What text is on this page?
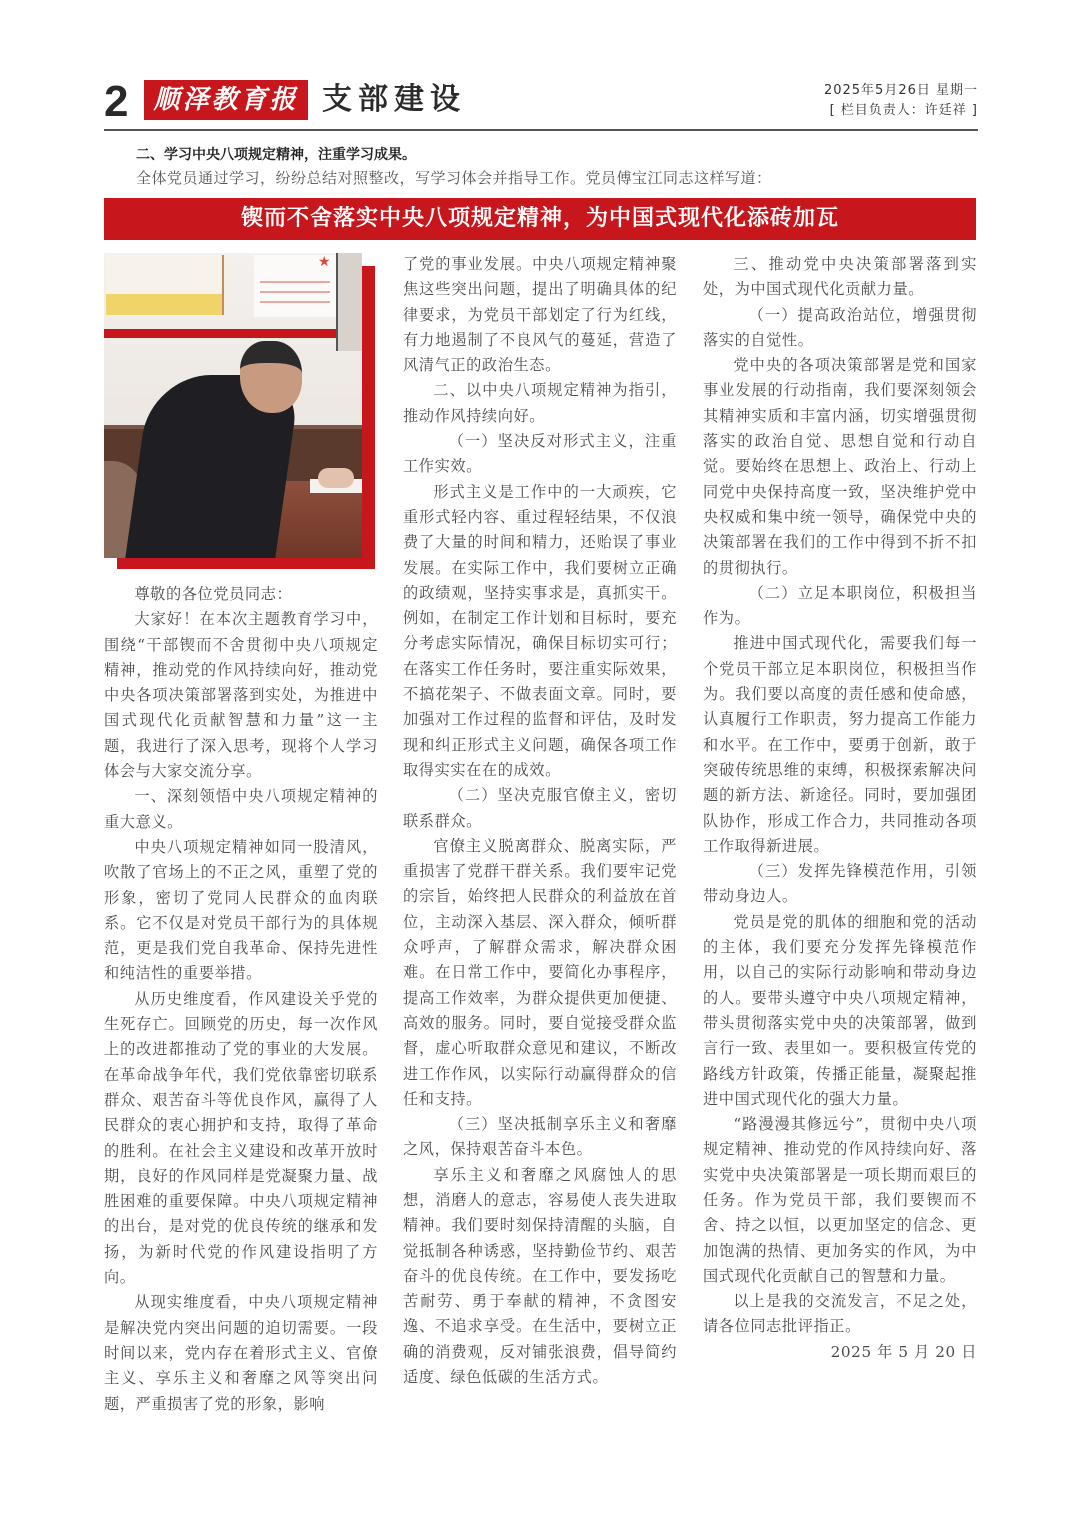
2 顺泽教育报 支部建设	2025年5月26日 星期一
[ 栏目负责人：许廷祥 ]
二、学习中央八项规定精神，注重学习成果。
全体党员通过学习，纷纷总结对照整改，写学习体会并指导工作。党员傅宝江同志这样写道：
锲而不舍落实中央八项规定精神，为中国式现代化添砖加瓦
★

尊敬的各位党员同志：

大家好！在本次主题教育学习中，围绕“干部锲而不舍贯彻中央八项规定精神，推动党的作风持续向好，推动党中央各项决策部署落到实处，为推进中国式现代化贡献智慧和力量”这一主题，我进行了深入思考，现将个人学习体会与大家交流分享。

一、深刻领悟中央八项规定精神的重大意义。

中央八项规定精神如同一股清风，吹散了官场上的不正之风，重塑了党的形象，密切了党同人民群众的血肉联系。它不仅是对党员干部行为的具体规范，更是我们党自我革命、保持先进性和纯洁性的重要举措。

从历史维度看，作风建设关乎党的生死存亡。回顾党的历史，每一次作风上的改进都推动了党的事业的大发展。在革命战争年代，我们党依靠密切联系群众、艰苦奋斗等优良作风，赢得了人民群众的衷心拥护和支持，取得了革命的胜利。在社会主义建设和改革开放时期，良好的作风同样是党凝聚力量、战胜困难的重要保障。中央八项规定精神的出台，是对党的优良传统的继承和发扬，为新时代党的作风建设指明了方向。

从现实维度看，中央八项规定精神是解决党内突出问题的迫切需要。一段时间以来，党内存在着形式主义、官僚主义、享乐主义和奢靡之风等突出问题，严重损害了党的形象，影响

了党的事业发展。中央八项规定精神聚焦这些突出问题，提出了明确具体的纪律要求，为党员干部划定了行为红线，有力地遏制了不良风气的蔓延，营造了风清气正的政治生态。

二、以中央八项规定精神为指引，推动作风持续向好。

（一）坚决反对形式主义，注重工作实效。

形式主义是工作中的一大顽疾，它重形式轻内容、重过程轻结果，不仅浪费了大量的时间和精力，还贻误了事业发展。在实际工作中，我们要树立正确的政绩观，坚持实事求是，真抓实干。例如，在制定工作计划和目标时，要充分考虑实际情况，确保目标切实可行；在落实工作任务时，要注重实际效果，不搞花架子、不做表面文章。同时，要加强对工作过程的监督和评估，及时发现和纠正形式主义问题，确保各项工作取得实实在在的成效。

（二）坚决克服官僚主义，密切联系群众。

官僚主义脱离群众、脱离实际，严重损害了党群干群关系。我们要牢记党的宗旨，始终把人民群众的利益放在首位，主动深入基层、深入群众，倾听群众呼声，了解群众需求，解决群众困难。在日常工作中，要简化办事程序，提高工作效率，为群众提供更加便捷、高效的服务。同时，要自觉接受群众监督，虚心听取群众意见和建议，不断改进工作作风，以实际行动赢得群众的信任和支持。

（三）坚决抵制享乐主义和奢靡之风，保持艰苦奋斗本色。

享乐主义和奢靡之风腐蚀人的思想，消磨人的意志，容易使人丧失进取精神。我们要时刻保持清醒的头脑，自觉抵制各种诱惑，坚持勤俭节约、艰苦奋斗的优良传统。在工作中，要发扬吃苦耐劳、勇于奉献的精神，不贪图安逸、不追求享受。在生活中，要树立正确的消费观，反对铺张浪费，倡导简约适度、绿色低碳的生活方式。

三、推动党中央决策部署落到实处，为中国式现代化贡献力量。

（一）提高政治站位，增强贯彻落实的自觉性。

党中央的各项决策部署是党和国家事业发展的行动指南，我们要深刻领会其精神实质和丰富内涵，切实增强贯彻落实的政治自觉、思想自觉和行动自觉。要始终在思想上、政治上、行动上同党中央保持高度一致，坚决维护党中央权威和集中统一领导，确保党中央的决策部署在我们的工作中得到不折不扣的贯彻执行。

（二）立足本职岗位，积极担当作为。

推进中国式现代化，需要我们每一个党员干部立足本职岗位，积极担当作为。我们要以高度的责任感和使命感，认真履行工作职责，努力提高工作能力和水平。在工作中，要勇于创新，敢于突破传统思维的束缚，积极探索解决问题的新方法、新途径。同时，要加强团队协作，形成工作合力，共同推动各项工作取得新进展。

（三）发挥先锋模范作用，引领带动身边人。

党员是党的肌体的细胞和党的活动的主体，我们要充分发挥先锋模范作用，以自己的实际行动影响和带动身边的人。要带头遵守中央八项规定精神，带头贯彻落实党中央的决策部署，做到言行一致、表里如一。要积极宣传党的路线方针政策，传播正能量，凝聚起推进中国式现代化的强大力量。

“路漫漫其修远兮”，贯彻中央八项规定精神、推动党的作风持续向好、落实党中央决策部署是一项长期而艰巨的任务。作为党员干部，我们要锲而不舍、持之以恒，以更加坚定的信念、更加饱满的热情、更加务实的作风，为中国式现代化贡献自己的智慧和力量。

以上是我的交流发言，不足之处，请各位同志批评指正。

2025 年 5 月 20 日
